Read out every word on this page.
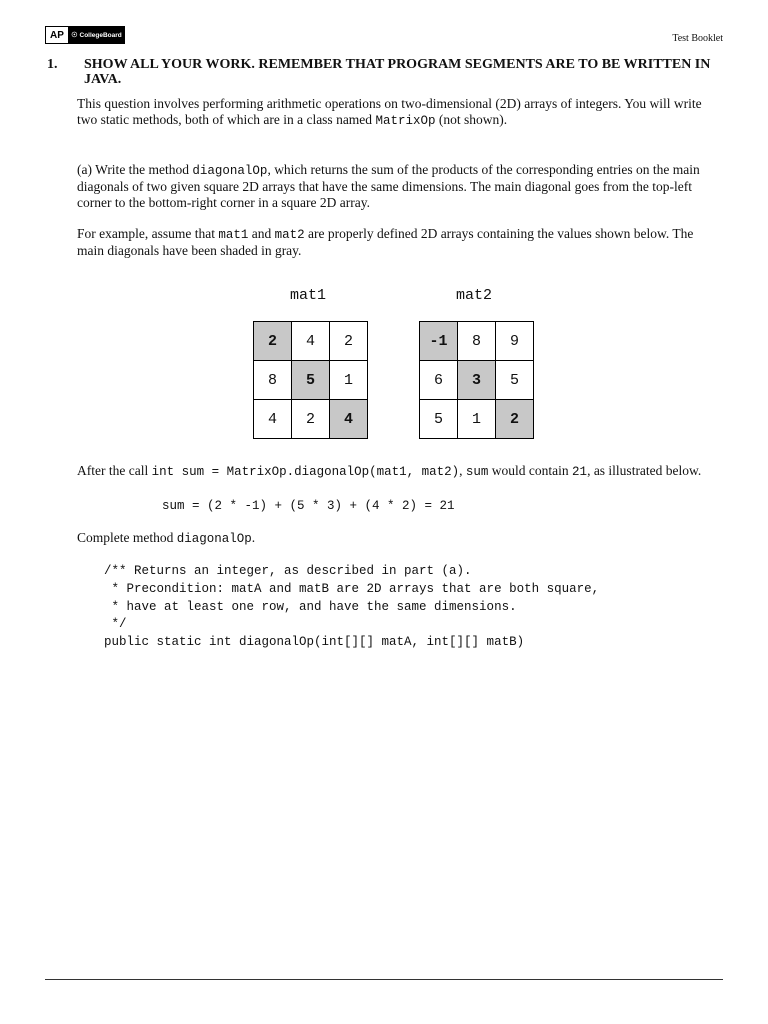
AP	☉ CollegeBoard	Test Booklet
1. SHOW ALL YOUR WORK. REMEMBER THAT PROGRAM SEGMENTS ARE TO BE WRITTEN IN JAVA.
This question involves performing arithmetic operations on two-dimensional (2D) arrays of integers. You will write two static methods, both of which are in a class named MatrixOp (not shown).
(a) Write the method diagonalOp, which returns the sum of the products of the corresponding entries on the main diagonals of two given square 2D arrays that have the same dimensions. The main diagonal goes from the top-left corner to the bottom-right corner in a square 2D array.
For example, assume that mat1 and mat2 are properly defined 2D arrays containing the values shown below. The main diagonals have been shaded in gray.
mat1	mat2
2	4	2
8	5	1
4	2	4
-1	8	9
6	3	5
5	1	2
After the call int sum = MatrixOp.diagonalOp(mat1, mat2), sum would contain 21, as illustrated below.
sum = (2 * -1) + (5 * 3) + (4 * 2) = 21
Complete method diagonalOp.
/** Returns an integer, as described in part (a).
* Precondition: matA and matB are 2D arrays that are both square,
* have at least one row, and have the same dimensions.
*/
public static int diagonalOp(int[][] matA, int[][] matB)
